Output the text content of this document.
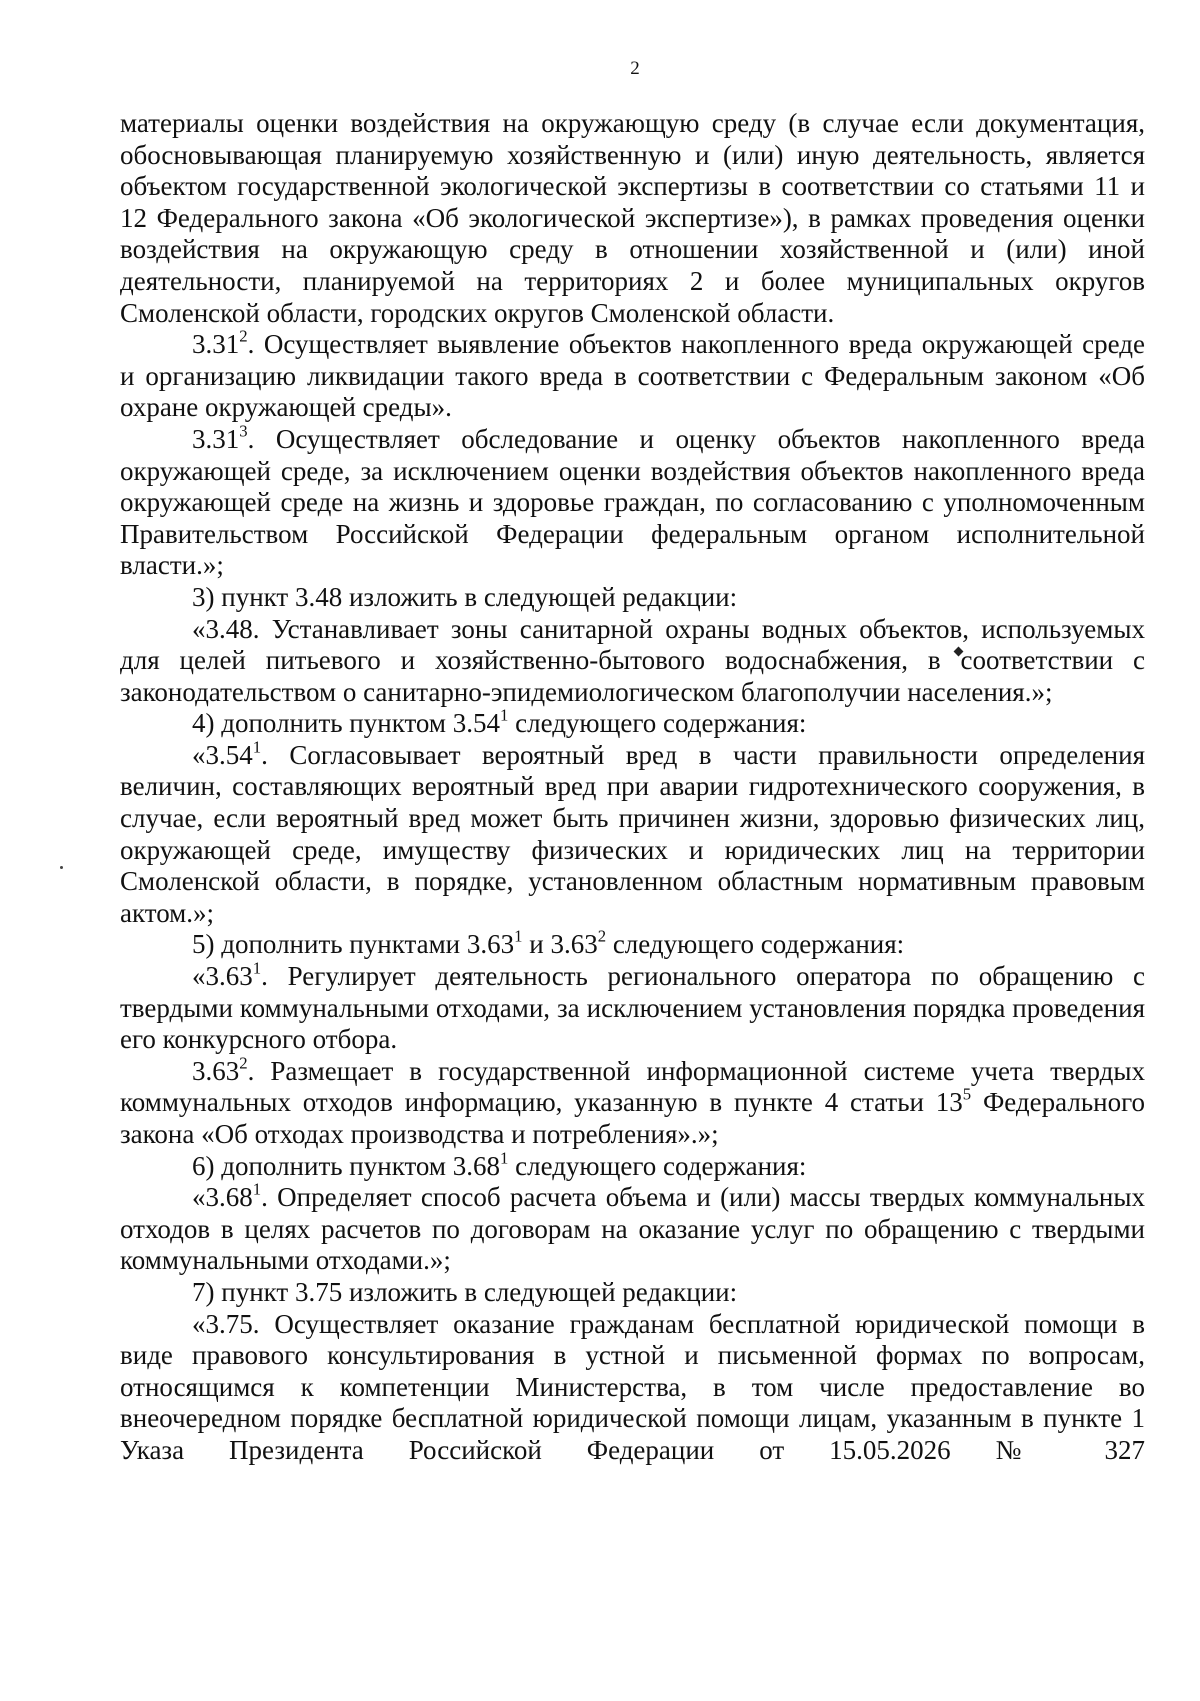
2

материалы оценки воздействия на окружающую среду (в случае если документация, обосновывающая планируемую хозяйственную и (или) иную деятельность, является объектом государственной экологической экспертизы в соответствии со статьями 11 и 12 Федерального закона «Об экологической экспертизе»), в рамках проведения оценки воздействия на окружающую среду в отношении хозяйственной и (или) иной деятельности, планируемой на территориях 2 и более муниципальных округов Смоленской области, городских округов Смоленской области.

3.31$^2$. Осуществляет выявление объектов накопленного вреда окружающей среде и организацию ликвидации такого вреда в соответствии с Федеральным законом «Об охране окружающей среды».

3.31$^3$. Осуществляет обследование и оценку объектов накопленного вреда окружающей среде, за исключением оценки воздействия объектов накопленного вреда окружающей среде на жизнь и здоровье граждан, по согласованию с уполномоченным Правительством Российской Федерации федеральным органом исполнительной власти.»;

3) пункт 3.48 изложить в следующей редакции:

«3.48. Устанавливает зоны санитарной охраны водных объектов, используемых для целей питьевого и хозяйственно-бытового водоснабжения, в соответствии с законодательством о санитарно-эпидемиологическом благополучии населения.»;

4) дополнить пунктом 3.54$^1$ следующего содержания:

«3.54$^1$. Согласовывает вероятный вред в части правильности определения величин, составляющих вероятный вред при аварии гидротехнического сооружения, в случае, если вероятный вред может быть причинен жизни, здоровью физических лиц, окружающей среде, имуществу физических и юридических лиц на территории Смоленской области, в порядке, установленном областным нормативным правовым актом.»;

5) дополнить пунктами 3.63$^1$ и 3.63$^2$ следующего содержания:

«3.63$^1$. Регулирует деятельность регионального оператора по обращению с твердыми коммунальными отходами, за исключением установления порядка проведения его конкурсного отбора.

3.63$^2$. Размещает в государственной информационной системе учета твердых коммунальных отходов информацию, указанную в пункте 4 статьи $13^5$ Федерального закона «Об отходах производства и потребления».»;

6) дополнить пунктом 3.68$^1$ следующего содержания:

«3.68$^1$. Определяет способ расчета объема и (или) массы твердых коммунальных отходов в целях расчетов по договорам на оказание услуг по обращению с твердыми коммунальными отходами.»;

7) пункт 3.75 изложить в следующей редакции:

«3.75. Осуществляет оказание гражданам бесплатной юридической помощи в виде правового консультирования в устной и письменной формах по вопросам, относящимся к компетенции Министерства, в том числе предоставление во внеочередном порядке бесплатной юридической помощи лицам, указанным в пункте 1 Указа Президента Российской Федерации от 15.05.2026 № 327
